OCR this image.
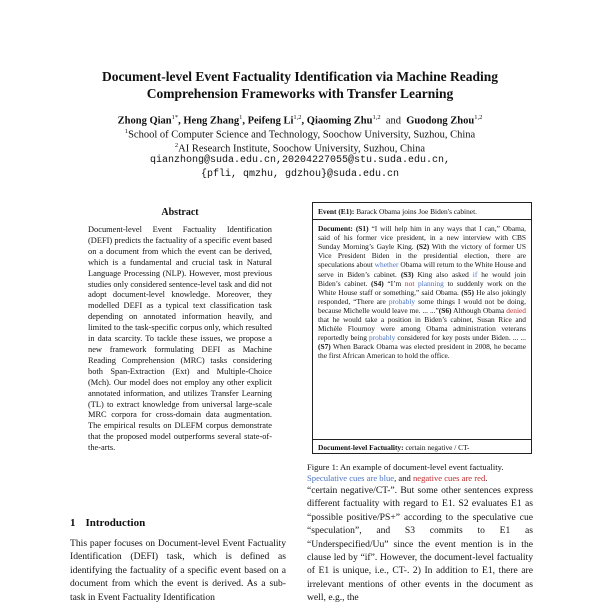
Document-level Event Factuality Identification via Machine Reading
Comprehension Frameworks with Transfer Learning
Zhong Qian$^{1*}$, Heng Zhang$^1$, Peifeng Li$^{1,2}$, Qiaoming Zhu$^{1,2}$  and  Guodong Zhou$^{1,2}$
$^1$School of Computer Science and Technology, Soochow University, Suzhou, China
$^2$AI Research Institute, Soochow University, Suzhou, China
qianzhong@suda.edu.cn,20204227055@stu.suda.edu.cn,
{pfli, qmzhu, gdzhou}@suda.edu.cn
Abstract
Document-level Event Factuality Identification (DEFI) predicts the factuality of a specific event based on a document from which the event can be derived, which is a fundamental and crucial task in Natural Language Processing (NLP). However, most previous studies only considered sentence-level task and did not adopt document-level knowledge. Moreover, they modelled DEFI as a typical text classification task depending on annotated information heavily, and limited to the task-specific corpus only, which resulted in data scarcity. To tackle these issues, we propose a new framework formulating DEFI as Machine Reading Comprehension (MRC) tasks considering both Span-Extraction (Ext) and Multiple-Choice (Mch). Our model does not employ any other explicit annotated information, and utilizes Transfer Learning (TL) to extract knowledge from universal large-scale MRC corpora for cross-domain data augmentation. The empirical results on DLEFM corpus demonstrate that the proposed model outperforms several state-of-the-arts.
1 Introduction
This paper focuses on Document-level Event Factuality Identification (DEFI) task, which is defined as identifying the factuality of a specific event based on a document from which the event is derived. As a sub-task in Event Factuality Identification
Event (E1): Barack Obama joins Joe Biden's cabinet.
Document: (S1) “I will help him in any ways that I can,” Obama, said of his former vice president, in a new interview with CBS Sunday Morning’s Gayle King. (S2) With the victory of former US Vice President Biden in the presidential election, there are speculations about whether Obama will return to the White House and serve in Biden’s cabinet. (S3) King also asked if he would join Biden’s cabinet. (S4) “I’m not planning to suddenly work on the White House staff or something,” said Obama. (S5) He also jokingly responded, “There are probably some things I would not be doing, because Michelle would leave me. ... ...”(S6) Although Obama denied that he would take a position in Biden’s cabinet, Susan Rice and Michèle Flournoy were among Obama administration veterans reportedly being probably considered for key posts under Biden. ... ... (S7) When Barack Obama was elected president in 2008, he became the first African American to hold the office.
Document-level Factuality: certain negative / CT-
Figure 1: An example of document-level event factuality. Speculative cues are blue, and negative cues are red.
“certain negative/CT-”. But some other sentences express different factuality with regard to E1. S2 evaluates E1 as “possible positive/PS+” according to the speculative cue “speculation”, and S3 commits to E1 as “Underspecified/Uu” since the event mention is in the clause led by “if”. However, the document-level factuality of E1 is unique, i.e., CT-. 2) In addition to E1, there are irrelevant mentions of other events in the document as well, e.g., the
